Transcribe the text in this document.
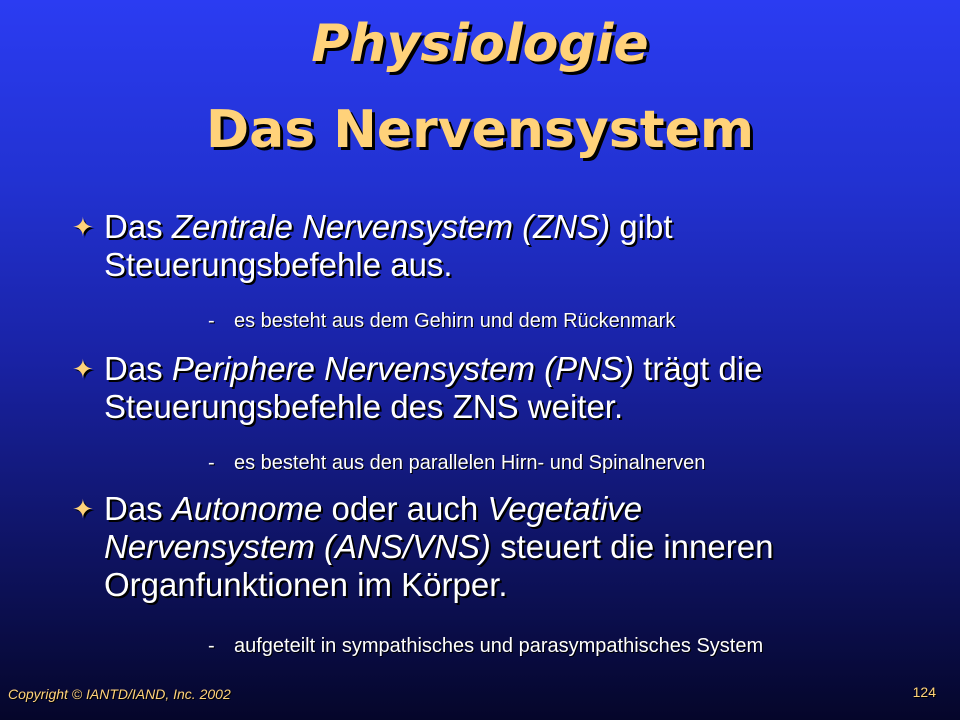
Physiologie
Das Nervensystem
✦ Das Zentrale Nervensystem (ZNS) gibt Steuerungsbefehle aus.
- es besteht aus dem Gehirn und dem Rückenmark
✦ Das Periphere Nervensystem (PNS) trägt die Steuerungsbefehle des ZNS weiter.
- es besteht aus den parallelen Hirn- und Spinalnerven
✦ Das Autonome oder auch Vegetative Nervensystem (ANS/VNS) steuert die inneren Organfunktionen im Körper.
- aufgeteilt in sympathisches und parasympathisches System
Copyright © IANTD/IAND, Inc. 2002	124
